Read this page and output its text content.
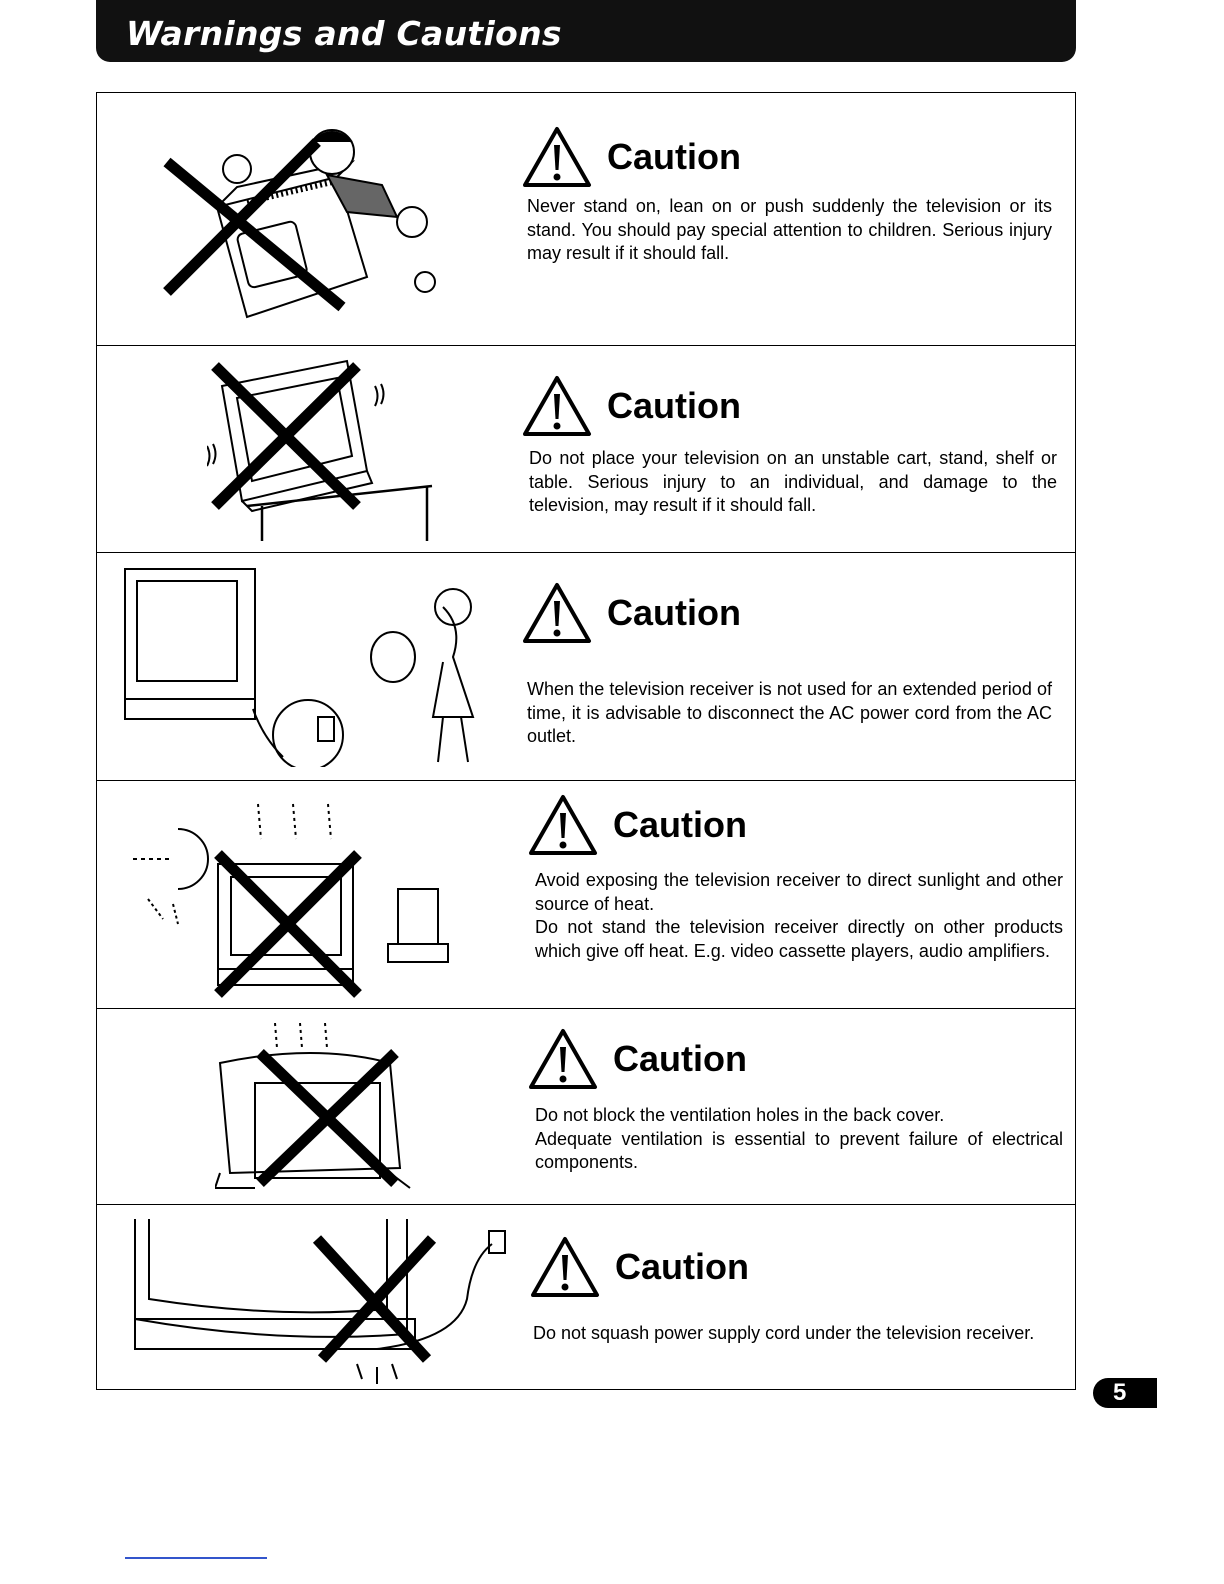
Warnings and Cautions
Caution
Never stand on, lean on or push suddenly the television or its stand. You should pay special attention to children. Serious injury may result if it should fall.
Caution
Do not place your television on an unstable cart, stand, shelf or table. Serious injury to an individual, and damage to the television, may result if it should fall.
Caution
When the television receiver is not used for an extended period of time, it is advisable to disconnect the AC power cord from the AC outlet.
Caution
Avoid exposing the television receiver to direct sunlight and other source of heat.
Do not stand the television receiver directly on other products which give off heat. E.g. video cassette players, audio amplifiers.
Caution
Do not block the ventilation holes in the back cover.
Adequate ventilation is essential to prevent failure of electrical components.
Caution
Do not squash power supply cord under the television receiver.
5
